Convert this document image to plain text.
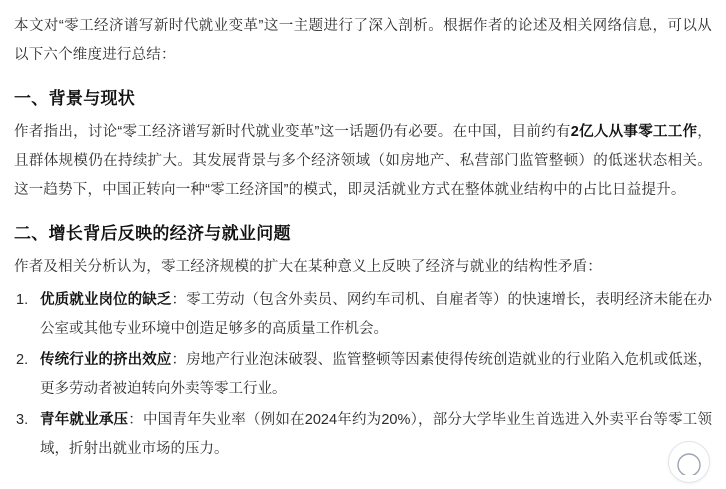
本文对“零工经济谱写新时代就业变革”这一主题进行了深入剖析。根据作者的论述及相关网络信息，可以从以下六个维度进行总结：

一、背景与现状

作者指出，讨论“零工经济谱写新时代就业变革”这一话题仍有必要。在中国，目前约有2亿人从事零工工作，且群体规模仍在持续扩大。其发展背景与多个经济领域（如房地产、私营部门监管整顿）的低迷状态相关。这一趋势下，中国正转向一种“零工经济国”的模式，即灵活就业方式在整体就业结构中的占比日益提升。

二、增长背后反映的经济与就业问题

作者及相关分析认为，零工经济规模的扩大在某种意义上反映了经济与就业的结构性矛盾：

1. 优质就业岗位的缺乏：零工劳动（包含外卖员、网约车司机、自雇者等）的快速增长，表明经济未能在办公室或其他专业环境中创造足够多的高质量工作机会。
2. 传统行业的挤出效应：房地产行业泡沫破裂、监管整顿等因素使得传统创造就业的行业陷入危机或低迷，更多劳动者被迫转向外卖等零工行业。
3. 青年就业承压：中国青年失业率（例如在2024年约为20%），部分大学毕业生首选进入外卖平台等零工领域，折射出就业市场的压力。
